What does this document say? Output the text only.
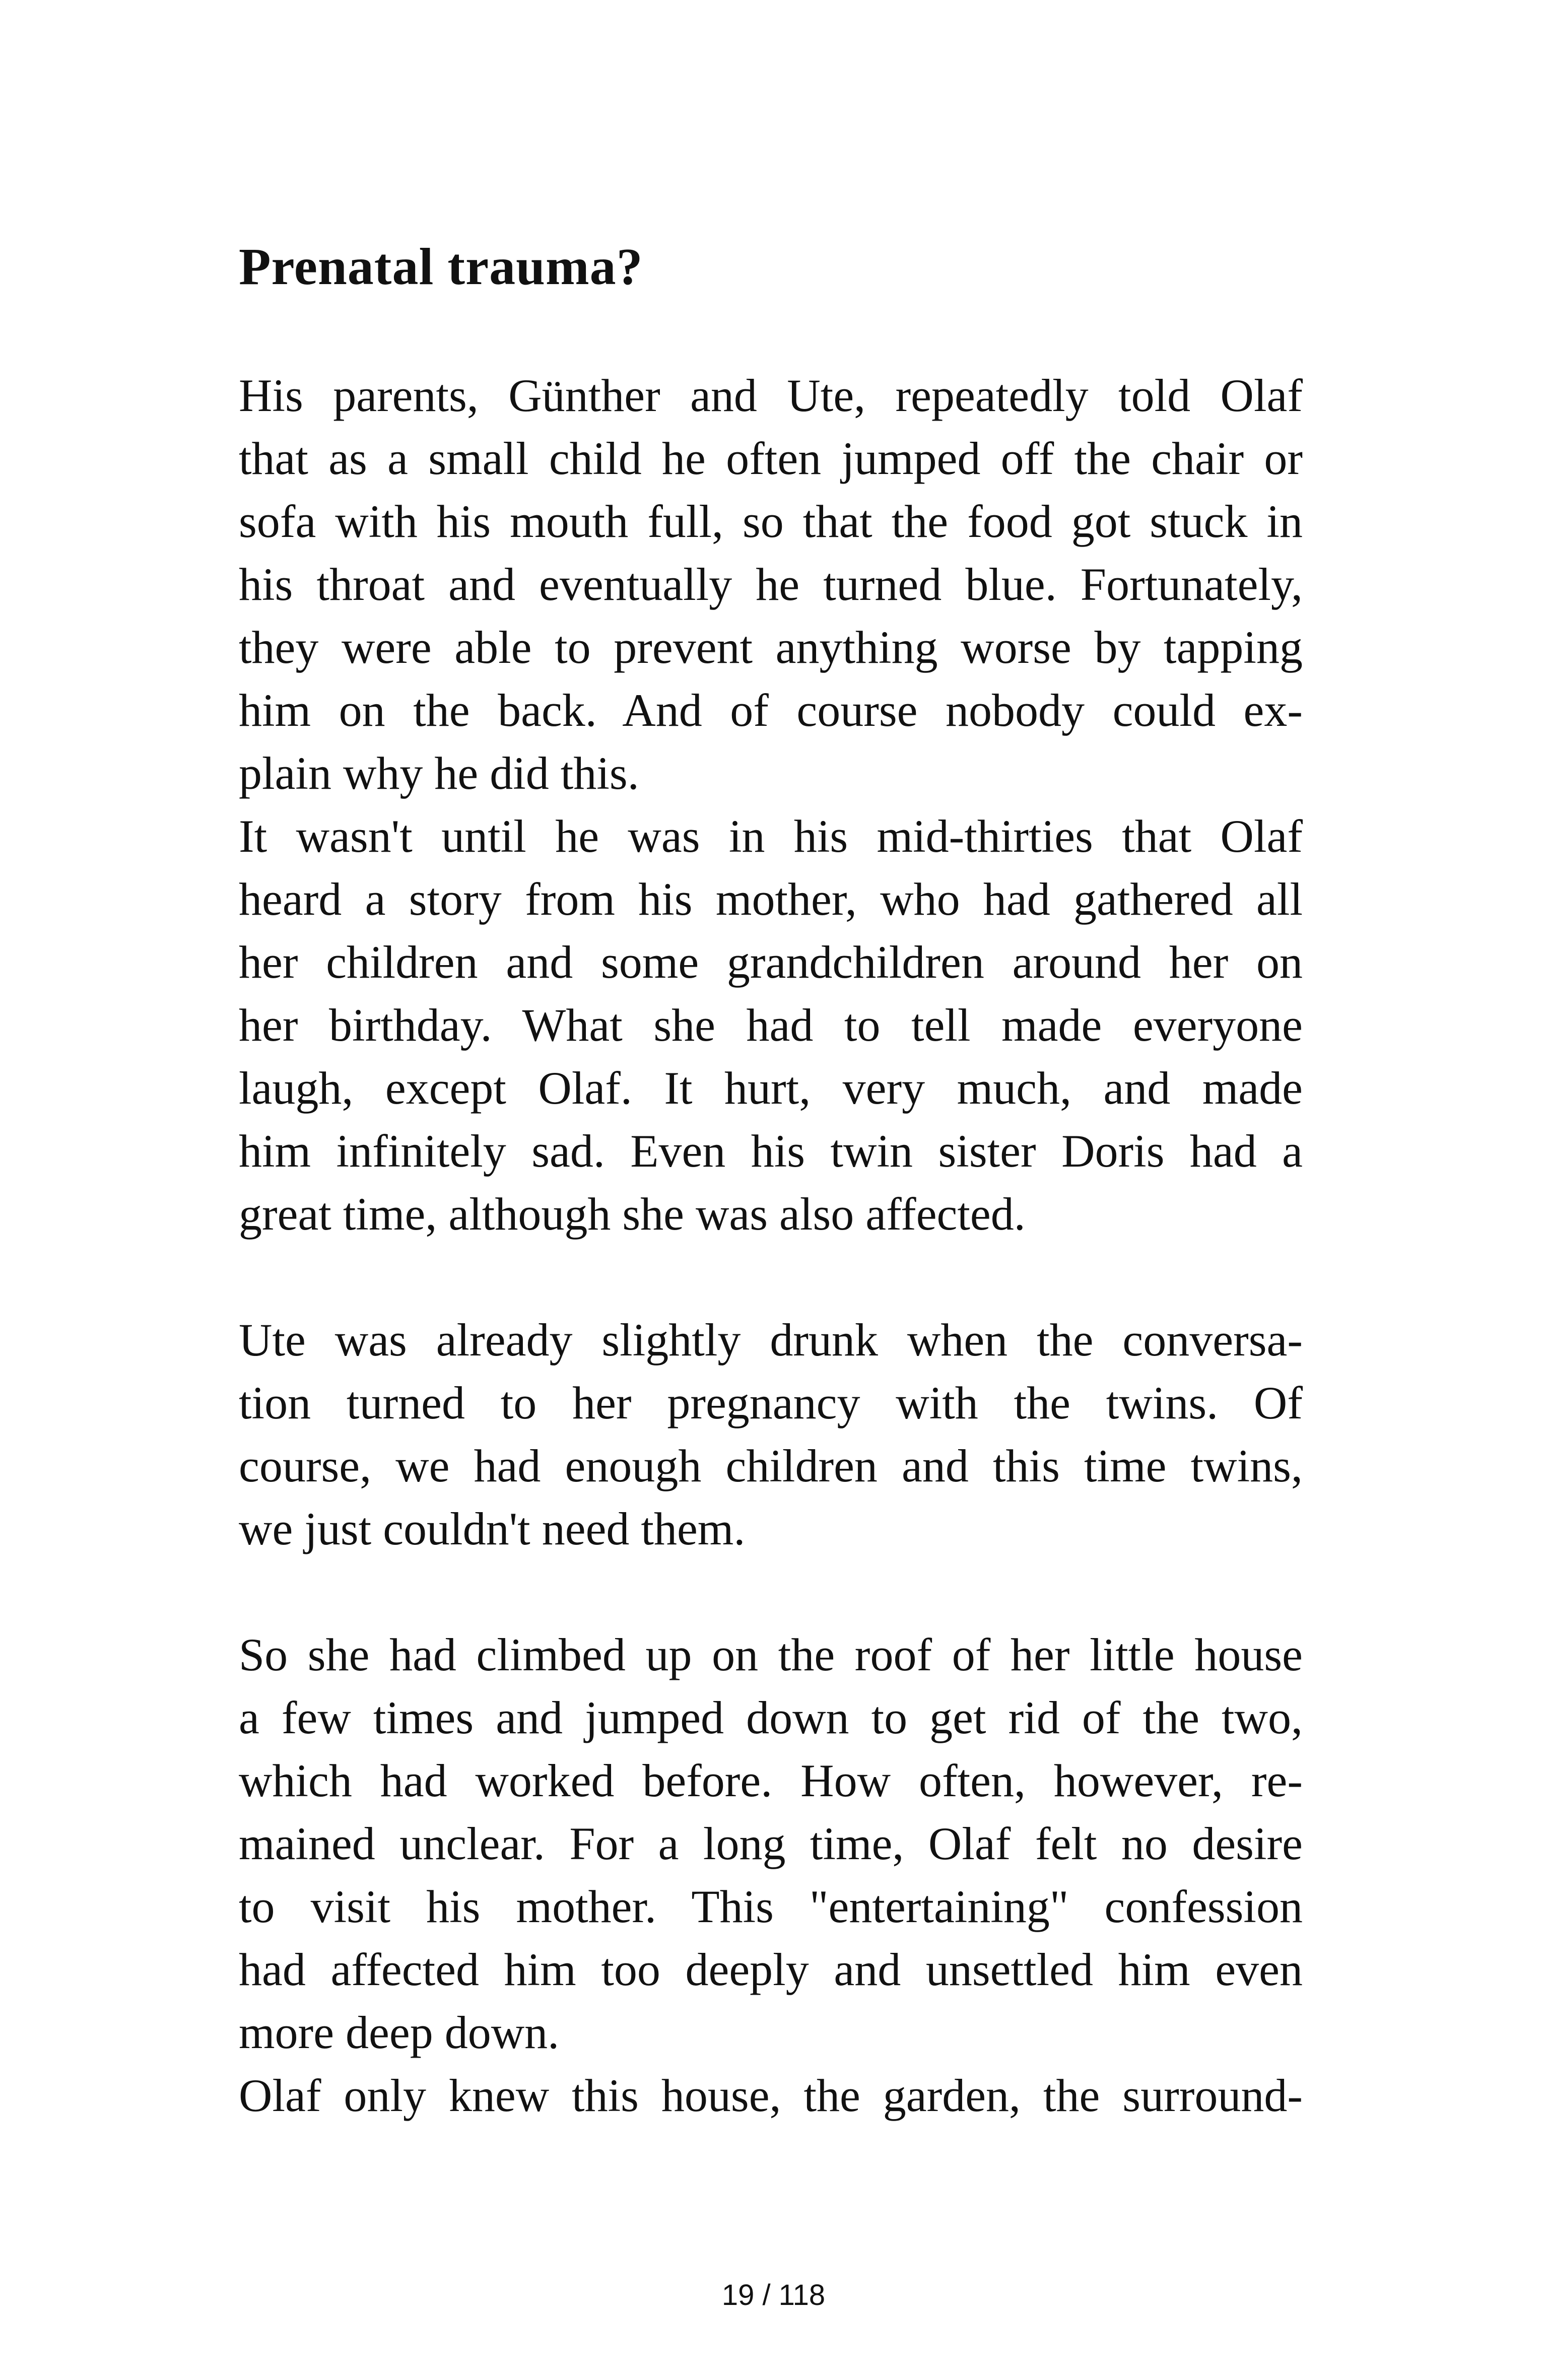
Prenatal trauma?
His parents, Günther and Ute, repeatedly told Olaf
that as a small child he often jumped off the chair or
sofa with his mouth full, so that the food got stuck in
his throat and eventually he turned blue. Fortunately,
they were able to prevent anything worse by tapping
him on the back. And of course nobody could ex-
plain why he did this.
It wasn't until he was in his mid-thirties that Olaf
heard a story from his mother, who had gathered all
her children and some grandchildren around her on
her birthday. What she had to tell made everyone
laugh, except Olaf. It hurt, very much, and made
him infinitely sad. Even his twin sister Doris had a
great time, although she was also affected.
Ute was already slightly drunk when the conversa-
tion turned to her pregnancy with the twins. Of
course, we had enough children and this time twins,
we just couldn't need them.
So she had climbed up on the roof of her little house
a few times and jumped down to get rid of the two,
which had worked before. How often, however, re-
mained unclear. For a long time, Olaf felt no desire
to visit his mother. This "entertaining" confession
had affected him too deeply and unsettled him even
more deep down.
Olaf only knew this house, the garden, the surround-
19 / 118
